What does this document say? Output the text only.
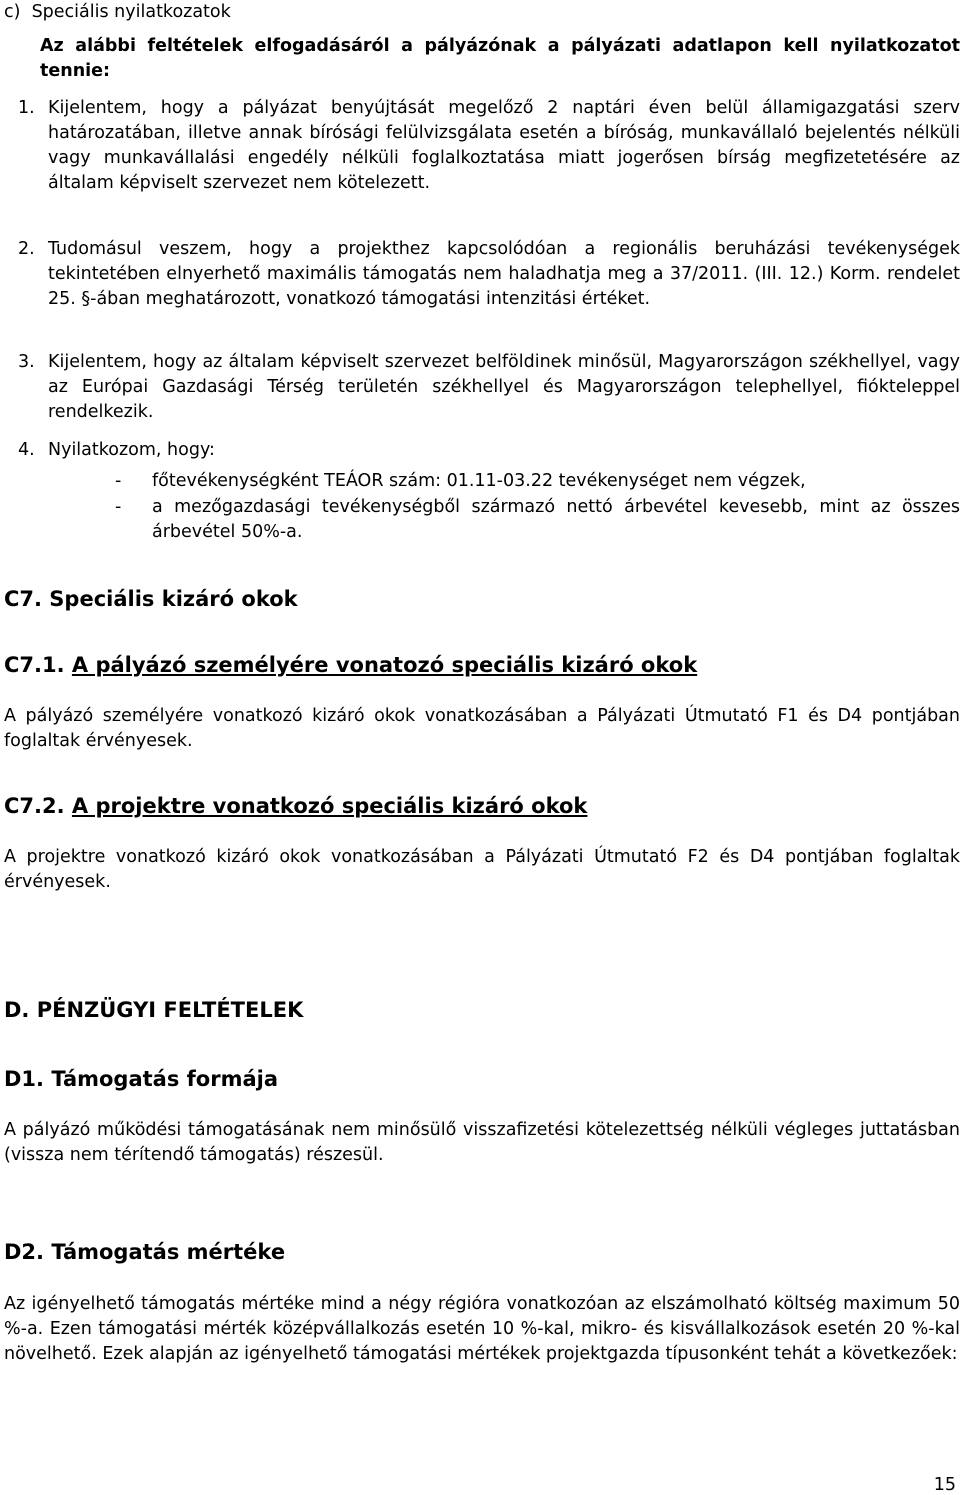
c)  Speciális nyilatkozatok
Az alábbi feltételek elfogadásáról a pályázónak a pályázati adatlapon kell nyilatkozatot tennie:
1. Kijelentem, hogy a pályázat benyújtását megelőző 2 naptári éven belül államigazgatási szerv határozatában, illetve annak bírósági felülvizsgálata esetén a bíróság, munkavállaló bejelentés nélküli vagy munkavállalási engedély nélküli foglalkoztatása miatt jogerősen bírság megfizetetésére az általam képviselt szervezet nem kötelezett.
2. Tudomásul veszem, hogy a projekthez kapcsolódóan a regionális beruházási tevékenységek tekintetében elnyerhető maximális támogatás nem haladhatja meg a 37/2011. (III. 12.) Korm. rendelet 25. §-ában meghatározott, vonatkozó támogatási intenzitási értéket.
3. Kijelentem, hogy az általam képviselt szervezet belföldinek minősül, Magyarországon székhellyel, vagy az Európai Gazdasági Térség területén székhellyel és Magyarországon telephellyel, fiókteleppel rendelkezik.
4. Nyilatkozom, hogy:
- főtevékenységként TEÁOR szám: 01.11-03.22 tevékenységet nem végzek,
- a mezőgazdasági tevékenységből származó nettó árbevétel kevesebb, mint az összes árbevétel 50%-a.
C7. Speciális kizáró okok
C7.1. A pályázó személyére vonatozó speciális kizáró okok
A pályázó személyére vonatkozó kizáró okok vonatkozásában a Pályázati Útmutató F1 és D4 pontjában foglaltak érvényesek.
C7.2. A projektre vonatkozó speciális kizáró okok
A projektre vonatkozó kizáró okok vonatkozásában a Pályázati Útmutató F2 és D4 pontjában foglaltak érvényesek.
D. PÉNZÜGYI FELTÉTELEK
D1. Támogatás formája
A pályázó működési támogatásának nem minősülő visszafizetési kötelezettség nélküli végleges juttatásban (vissza nem térítendő támogatás) részesül.
D2. Támogatás mértéke
Az igényelhető támogatás mértéke mind a négy régióra vonatkozóan az elszámolható költség maximum 50 %-a. Ezen támogatási mérték középvállalkozás esetén 10 %-kal, mikro- és kisvállalkozások esetén 20 %-kal növelhető. Ezek alapján az igényelhető támogatási mértékek projektgazda típusonként tehát a következőek:
15
